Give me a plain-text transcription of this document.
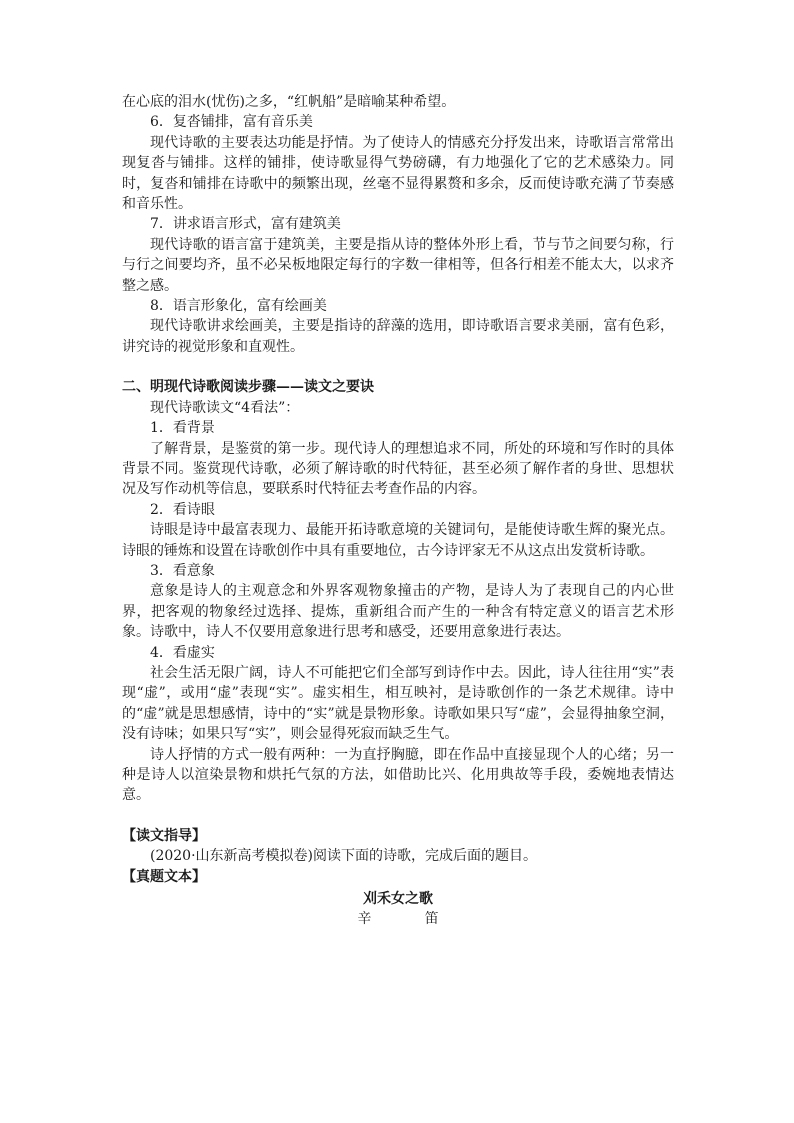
在心底的泪水(忧伤)之多，“红帆船”是暗喻某种希望。

6．复沓铺排，富有音乐美

现代诗歌的主要表达功能是抒情。为了使诗人的情感充分抒发出来，诗歌语言常常出现复沓与铺排。这样的铺排，使诗歌显得气势磅礴，有力地强化了它的艺术感染力。同时，复沓和铺排在诗歌中的频繁出现，丝毫不显得累赘和多余，反而使诗歌充满了节奏感和音乐性。

7．讲求语言形式，富有建筑美

现代诗歌的语言富于建筑美，主要是指从诗的整体外形上看，节与节之间要匀称，行与行之间要均齐，虽不必呆板地限定每行的字数一律相等，但各行相差不能太大，以求齐整之感。

8．语言形象化，富有绘画美

现代诗歌讲求绘画美，主要是指诗的辞藻的选用，即诗歌语言要求美丽，富有色彩，讲究诗的视觉形象和直观性。

二、明现代诗歌阅读步骤——读文之要诀

现代诗歌读文“4看法”：

1．看背景

了解背景，是鉴赏的第一步。现代诗人的理想追求不同，所处的环境和写作时的具体背景不同。鉴赏现代诗歌，必须了解诗歌的时代特征，甚至必须了解作者的身世、思想状况及写作动机等信息，要联系时代特征去考查作品的内容。

2．看诗眼

诗眼是诗中最富表现力、最能开拓诗歌意境的关键词句，是能使诗歌生辉的聚光点。诗眼的锤炼和设置在诗歌创作中具有重要地位，古今诗评家无不从这点出发赏析诗歌。

3．看意象

意象是诗人的主观意念和外界客观物象撞击的产物，是诗人为了表现自己的内心世界，把客观的物象经过选择、提炼，重新组合而产生的一种含有特定意义的语言艺术形象。诗歌中，诗人不仅要用意象进行思考和感受，还要用意象进行表达。

4．看虚实

社会生活无限广阔，诗人不可能把它们全部写到诗作中去。因此，诗人往往用“实”表现“虚”，或用“虚”表现“实”。虚实相生，相互映衬，是诗歌创作的一条艺术规律。诗中的“虚”就是思想感情，诗中的“实”就是景物形象。诗歌如果只写“虚”，会显得抽象空洞，没有诗味；如果只写“实”，则会显得死寂而缺乏生气。

诗人抒情的方式一般有两种：一为直抒胸臆，即在作品中直接显现个人的心绪；另一种是诗人以渲染景物和烘托气氛的方法，如借助比兴、化用典故等手段，委婉地表情达意。

【读文指导】

(2020·山东新高考模拟卷)阅读下面的诗歌，完成后面的题目。

【真题文本】

刈禾女之歌

辛　笛
